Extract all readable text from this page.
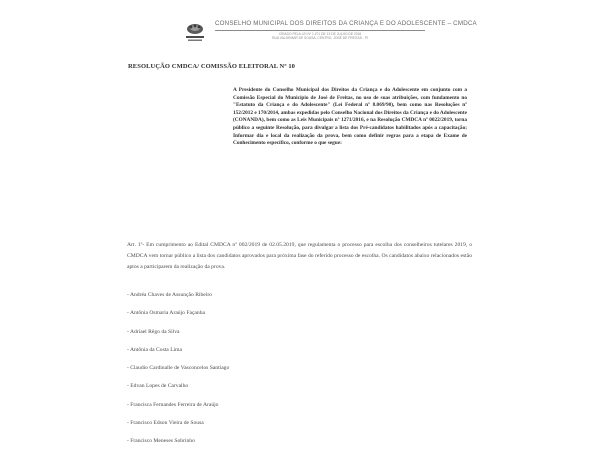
CONSELHO MUNICIPAL DOS DIREITOS DA CRIANÇA E DO ADOLESCENTE – CMDCA
CRIADO PELA LEI Nº 1.271 DE 13 DE JULHO DE 2016
RUA VALDEMAR DE SOUSA, CENTRO, JOSÉ DE FREITAS - PI
RESOLUÇÃO CMDCA/ COMISSÃO ELEITORAL Nº 10
A Presidente do Conselho Municipal dos Direitos da Criança e do Adolescente em conjunto com a Comissão Especial do Município de José de Freitas, no uso de suas atribuições, com fundamento no "Estatuto da Criança e do Adolescente" (Lei Federal nº 8.069/90), bem como nas Resoluções nº 152/2012 e 170/2014, ambas expedidas pelo Conselho Nacional dos Direitos da Criança e do Adolescente (CONANDA), bem como as Leis Municipais nº 1271/2016, e na Resolução CMDCA nº 0022/2019, torna público a seguinte Resolução, para divulgar a lista dos Pré-candidatos habilitados após a capacitação; Informar dia e local da realização da prova, bem como definir regras para a etapa de Exame de Conhecimento específico, conforme o que segue:
Art. 1º- Em cumprimento ao Edital CMDCA nº 002/2019 de 02.05.2019, que regulamenta o processo para escolha dos conselheiros tutelares 2019, o CMDCA vem tornar público a lista dos candidatos aprovados para próxima fase do referido processo de escolha. Os candidatos abaixo relacionados estão aptos a participarem da realização da prova.
- Andréa Chaves de Assunção Ribeiro
- Antônia Osmaria Araújo Façanha
- Adriael Rêgo da Silva
- Antônia da Costa Lima
- Claudio Cardinalle de Vasconcelos Santiago
- Edvan Lopes de Carvalho
- Francisca Fernandes Ferreira de Araújo
- Francisco Edson Vieira de Sousa
- Francisco Meneses Sobrinho
